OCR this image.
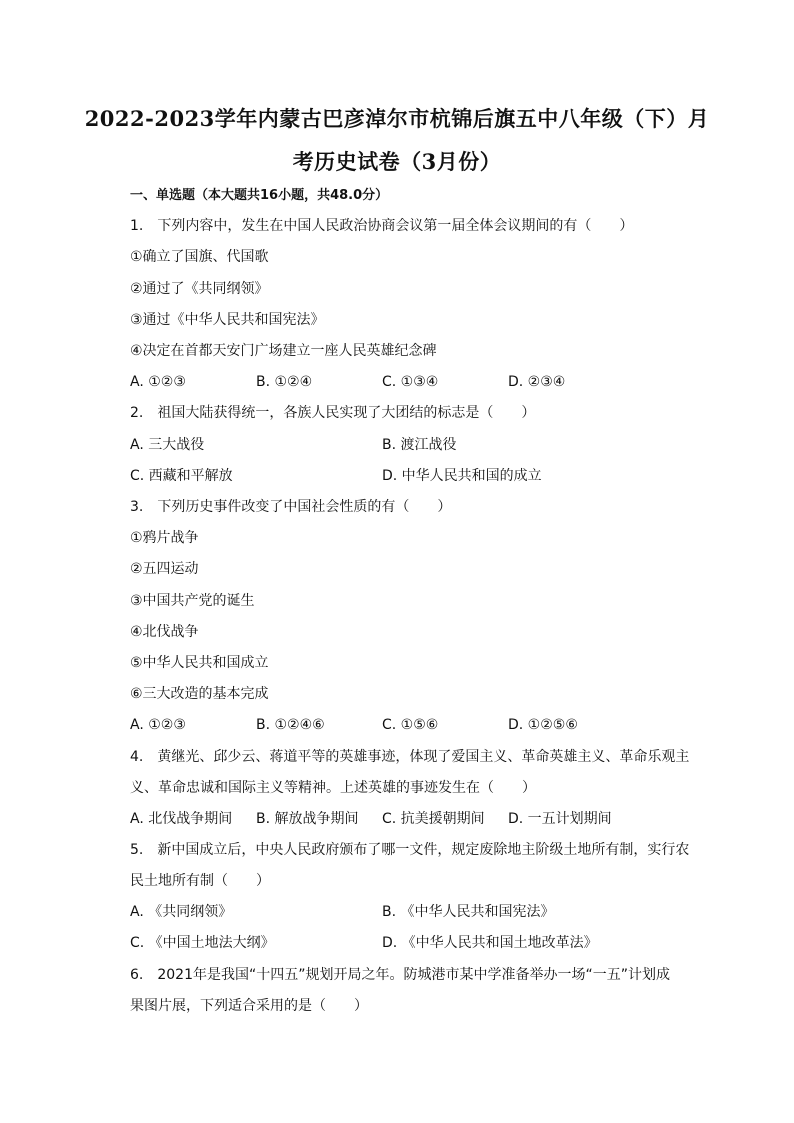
2022-2023学年内蒙古巴彦淖尔市杭锦后旗五中八年级（下）月
考历史试卷（3月份）
一、单选题（本大题共16小题，共48.0分）
1.　下列内容中，发生在中国人民政治协商会议第一届全体会议期间的有（　　）
①确立了国旗、代国歌
②通过了《共同纲领》
③通过《中华人民共和国宪法》
④决定在首都天安门广场建立一座人民英雄纪念碑
A. ①②③	B. ①②④	C. ①③④	D. ②③④
2.　祖国大陆获得统一，各族人民实现了大团结的标志是（　　）
A. 三大战役	B. 渡江战役
C. 西藏和平解放	D. 中华人民共和国的成立
3.　下列历史事件改变了中国社会性质的有（　　）
①鸦片战争
②五四运动
③中国共产党的诞生
④北伐战争
⑤中华人民共和国成立
⑥三大改造的基本完成
A. ①②③	B. ①②④⑥	C. ①⑤⑥	D. ①②⑤⑥
4.　黄继光、邱少云、蒋道平等的英雄事迹，体现了爱国主义、革命英雄主义、革命乐观主
义、革命忠诚和国际主义等精神。上述英雄的事迹发生在（　　）
A. 北伐战争期间 B. 解放战争期间 C. 抗美援朝期间 D. 一五计划期间
5.　新中国成立后，中央人民政府颁布了哪一文件，规定废除地主阶级土地所有制，实行农
民土地所有制（　　）
A. 《共同纲领》	B. 《中华人民共和国宪法》
C. 《中国土地法大纲》	D. 《中华人民共和国土地改革法》
6.　2021年是我国“十四五”规划开局之年。防城港市某中学准备举办一场“一五”计划成
果图片展，下列适合采用的是（　　）
